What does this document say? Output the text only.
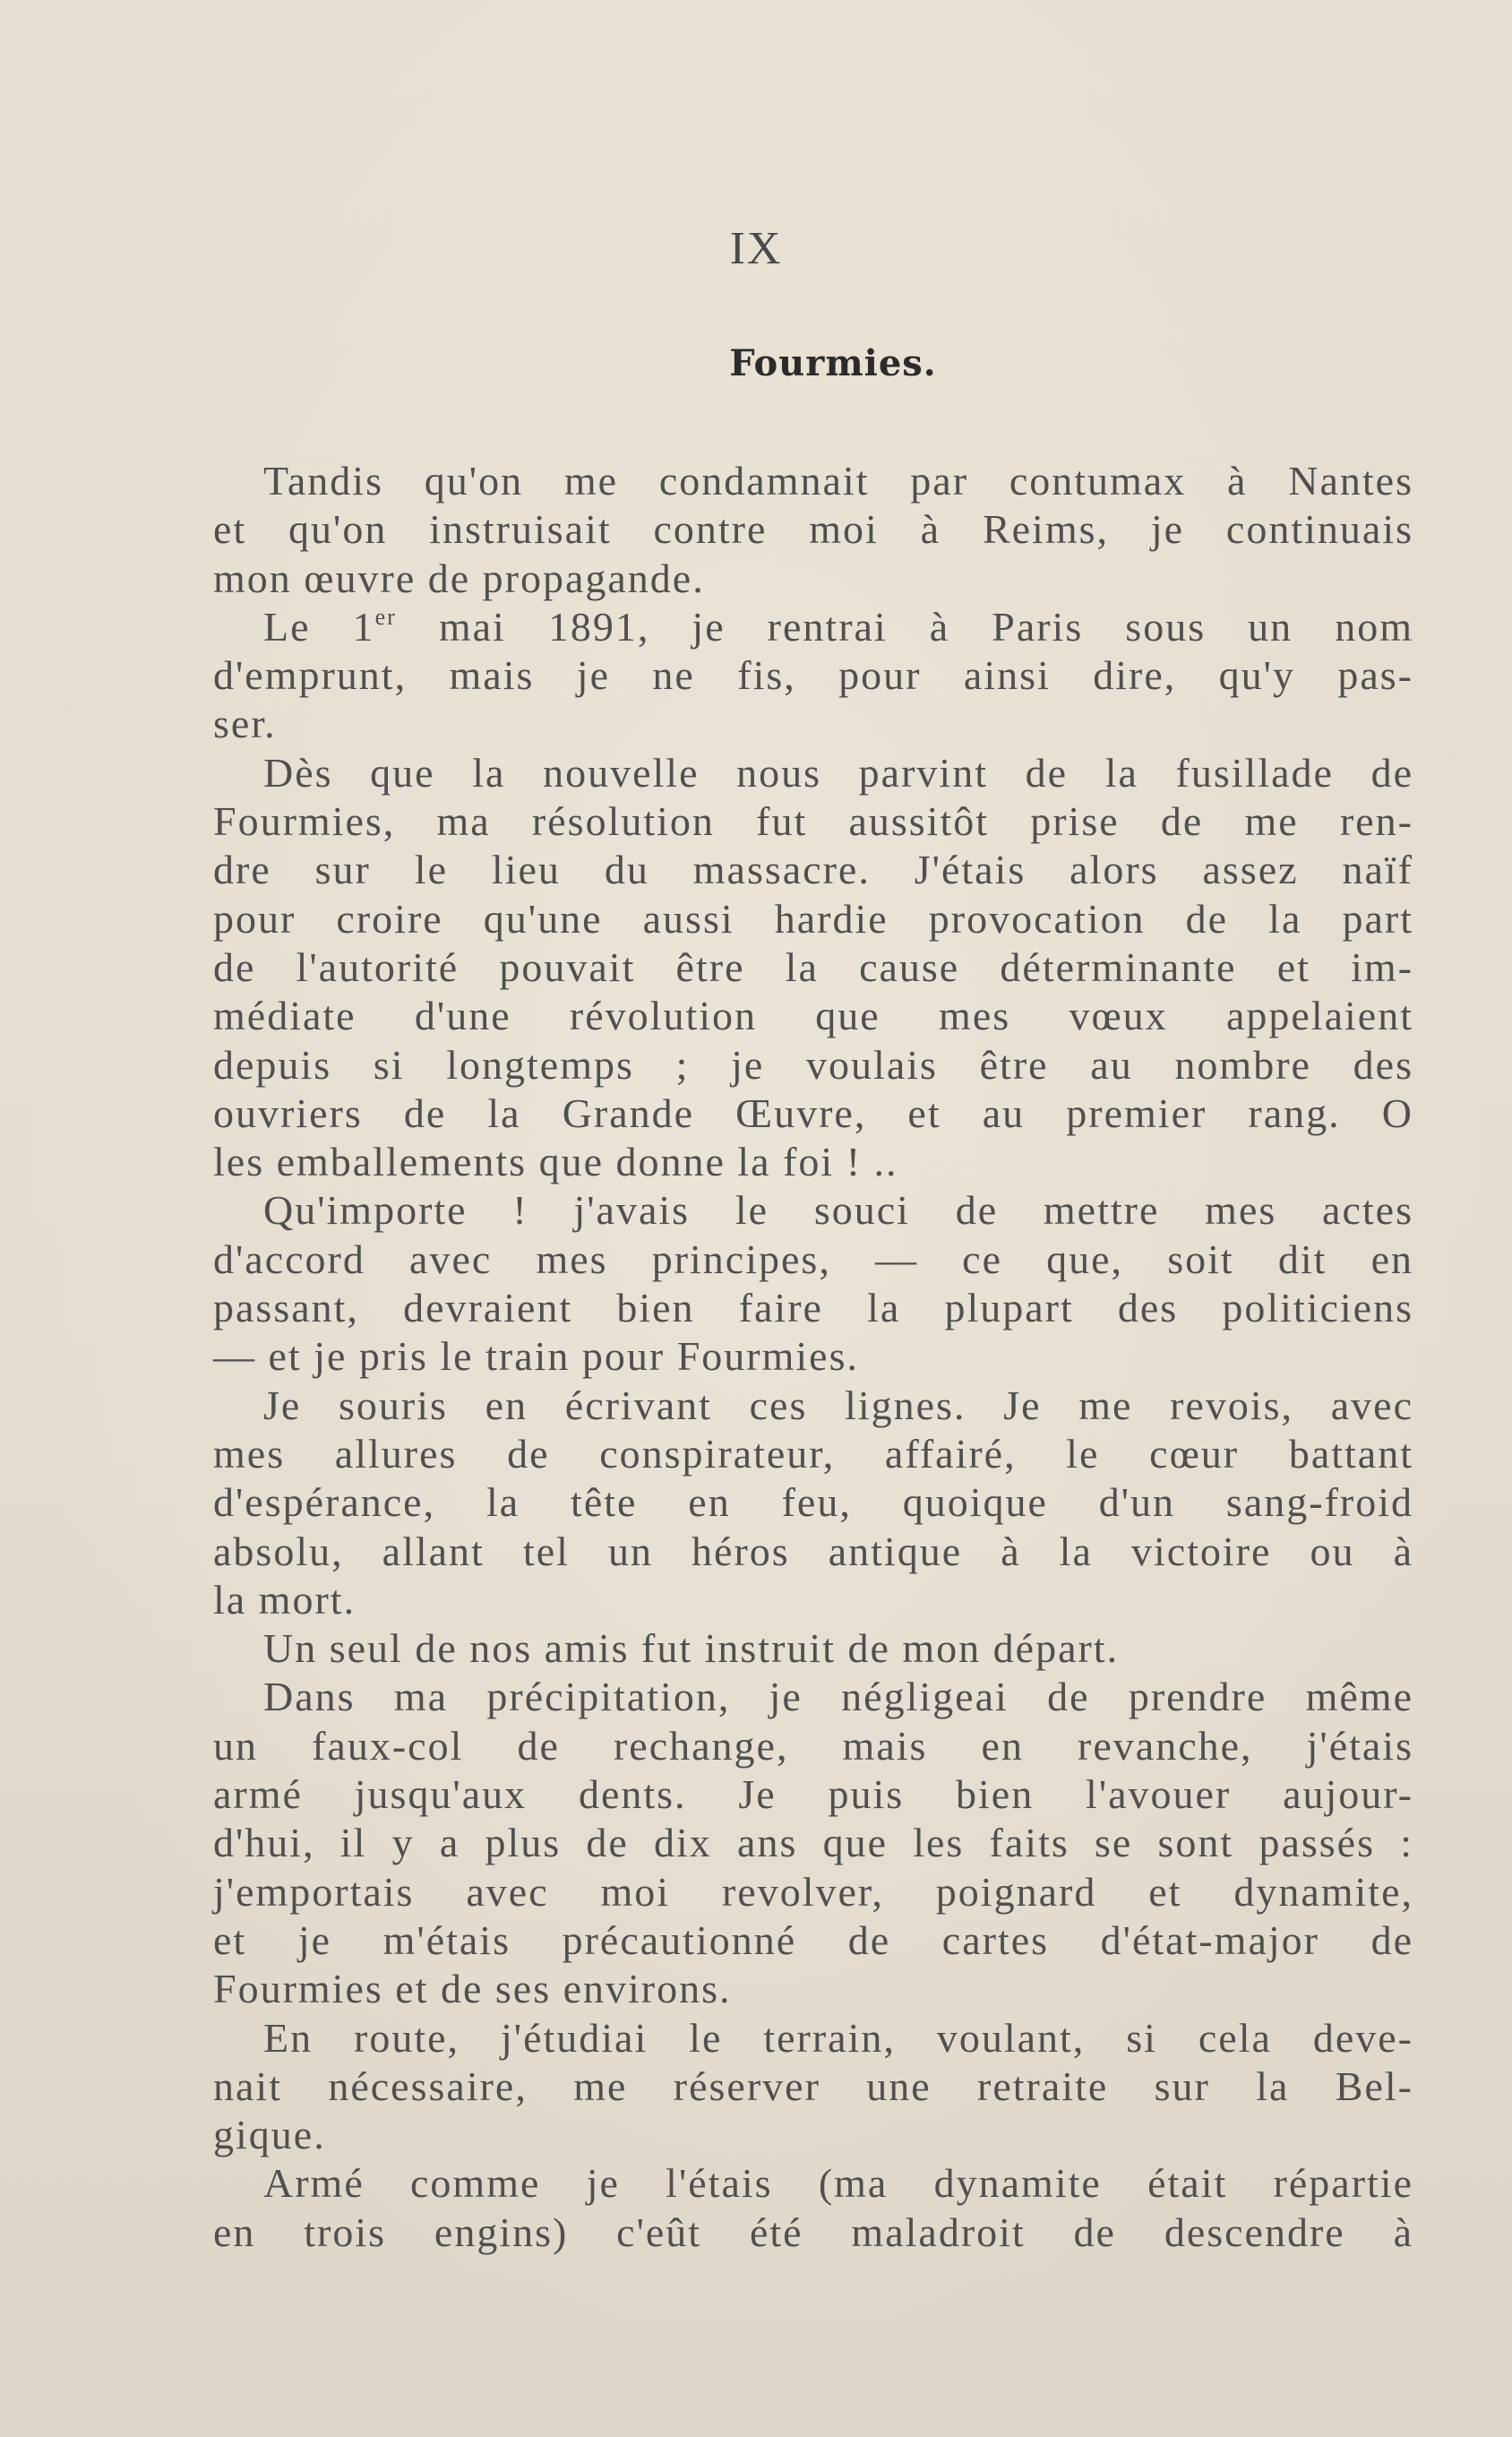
IX
Fourmies.
Tandis qu'on me condamnait par contumax à Nantes
et qu'on instruisait contre moi à Reims, je continuais
mon œuvre de propagande.
Le 1er mai 1891, je rentrai à Paris sous un nom
d'emprunt, mais je ne fis, pour ainsi dire, qu'y pas-
ser.
Dès que la nouvelle nous parvint de la fusillade de
Fourmies, ma résolution fut aussitôt prise de me ren-
dre sur le lieu du massacre. J'étais alors assez naïf
pour croire qu'une aussi hardie provocation de la part
de l'autorité pouvait être la cause déterminante et im-
médiate d'une révolution que mes vœux appelaient
depuis si longtemps ; je voulais être au nombre des
ouvriers de la Grande Œuvre, et au premier rang. O
les emballements que donne la foi ! ..
Qu'importe ! j'avais le souci de mettre mes actes
d'accord avec mes principes, — ce que, soit dit en
passant, devraient bien faire la plupart des politiciens
— et je pris le train pour Fourmies.
Je souris en écrivant ces lignes. Je me revois, avec
mes allures de conspirateur, affairé, le cœur battant
d'espérance, la tête en feu, quoique d'un sang-froid
absolu, allant tel un héros antique à la victoire ou à
la mort.
Un seul de nos amis fut instruit de mon départ.
Dans ma précipitation, je négligeai de prendre même
un faux-col de rechange, mais en revanche, j'étais
armé jusqu'aux dents. Je puis bien l'avouer aujour-
d'hui, il y a plus de dix ans que les faits se sont passés :
j'emportais avec moi revolver, poignard et dynamite,
et je m'étais précautionné de cartes d'état-major de
Fourmies et de ses environs.
En route, j'étudiai le terrain, voulant, si cela deve-
nait nécessaire, me réserver une retraite sur la Bel-
gique.
Armé comme je l'étais (ma dynamite était répartie
en trois engins) c'eût été maladroit de descendre à
